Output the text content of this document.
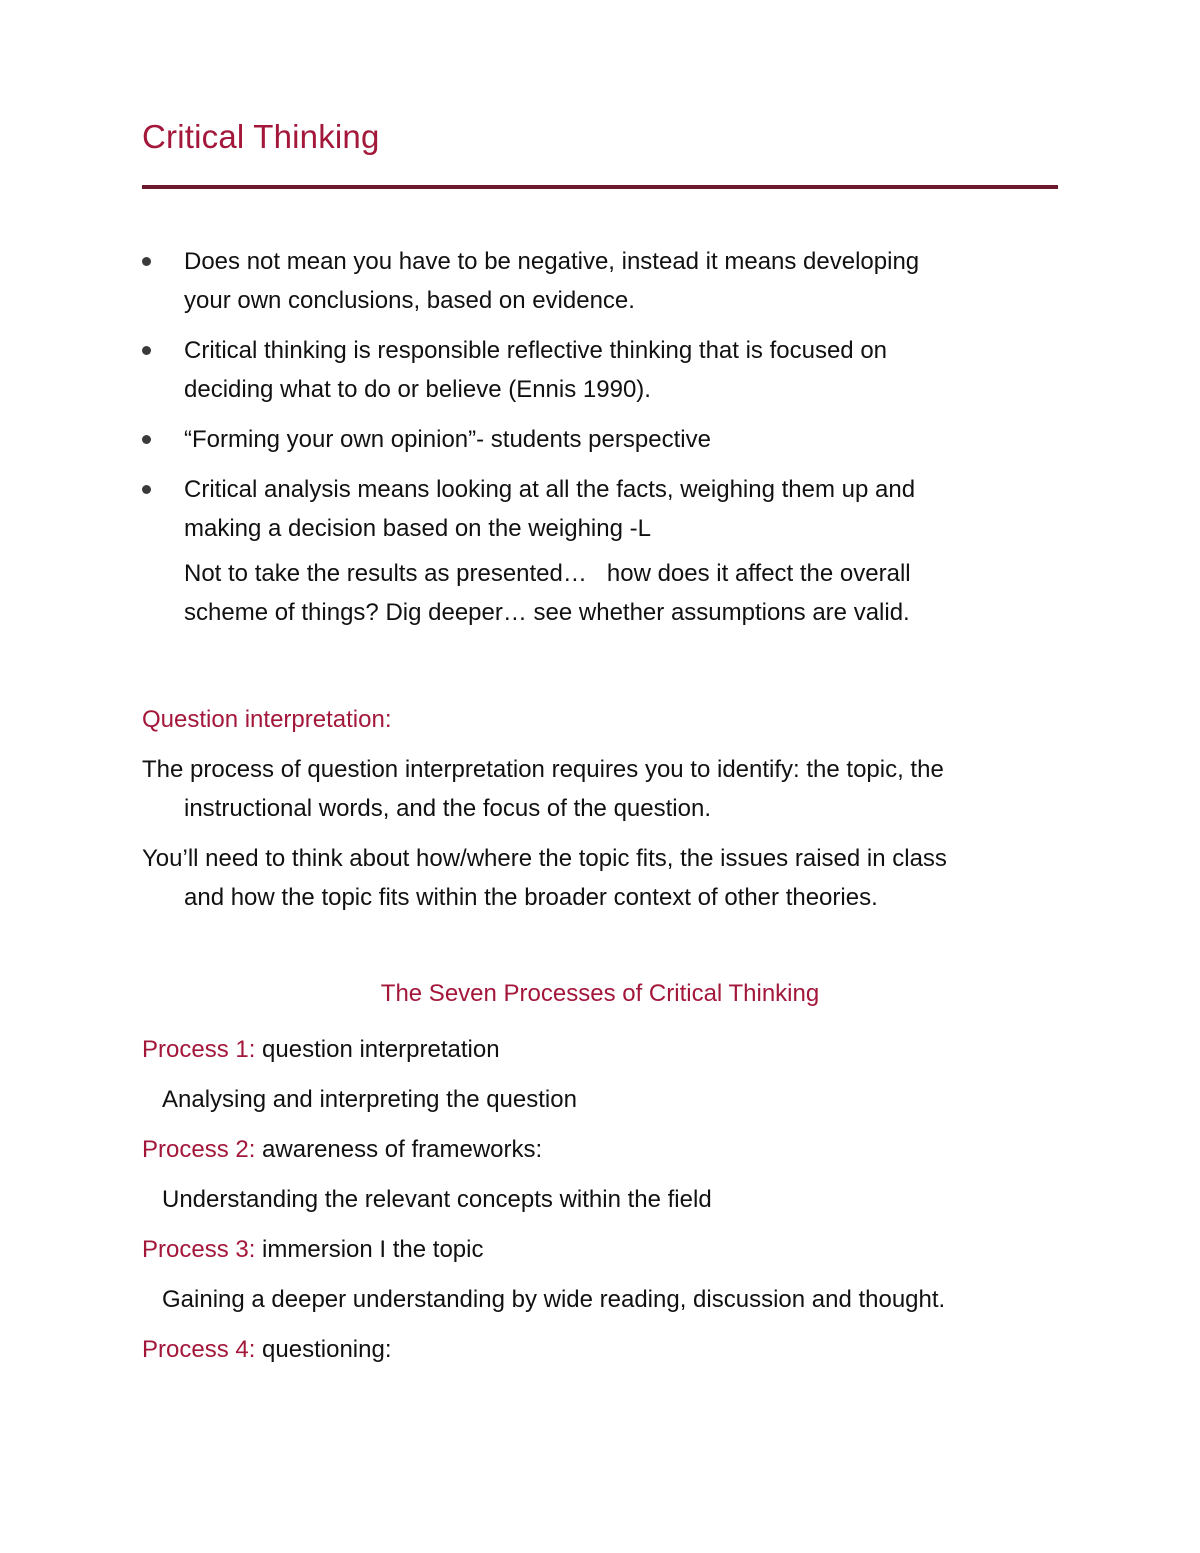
Critical Thinking
Does not mean you have to be negative, instead it means developing
your own conclusions, based on evidence.
Critical thinking is responsible reflective thinking that is focused on
deciding what to do or believe (Ennis 1990).
“Forming your own opinion”- students perspective
Critical analysis means looking at all the facts, weighing them up and
making a decision based on the weighing -L
Not to take the results as presented…   how does it affect the overall
scheme of things? Dig deeper… see whether assumptions are valid.

Question interpretation:

The process of question interpretation requires you to identify: the topic, the
instructional words, and the focus of the question.
You’ll need to think about how/where the topic fits, the issues raised in class
and how the topic fits within the broader context of other theories.
The Seven Processes of Critical Thinking

Process 1: question interpretation

Analysing and interpreting the question

Process 2: awareness of frameworks:

Understanding the relevant concepts within the field

Process 3: immersion I the topic

Gaining a deeper understanding by wide reading, discussion and thought.

Process 4: questioning:
